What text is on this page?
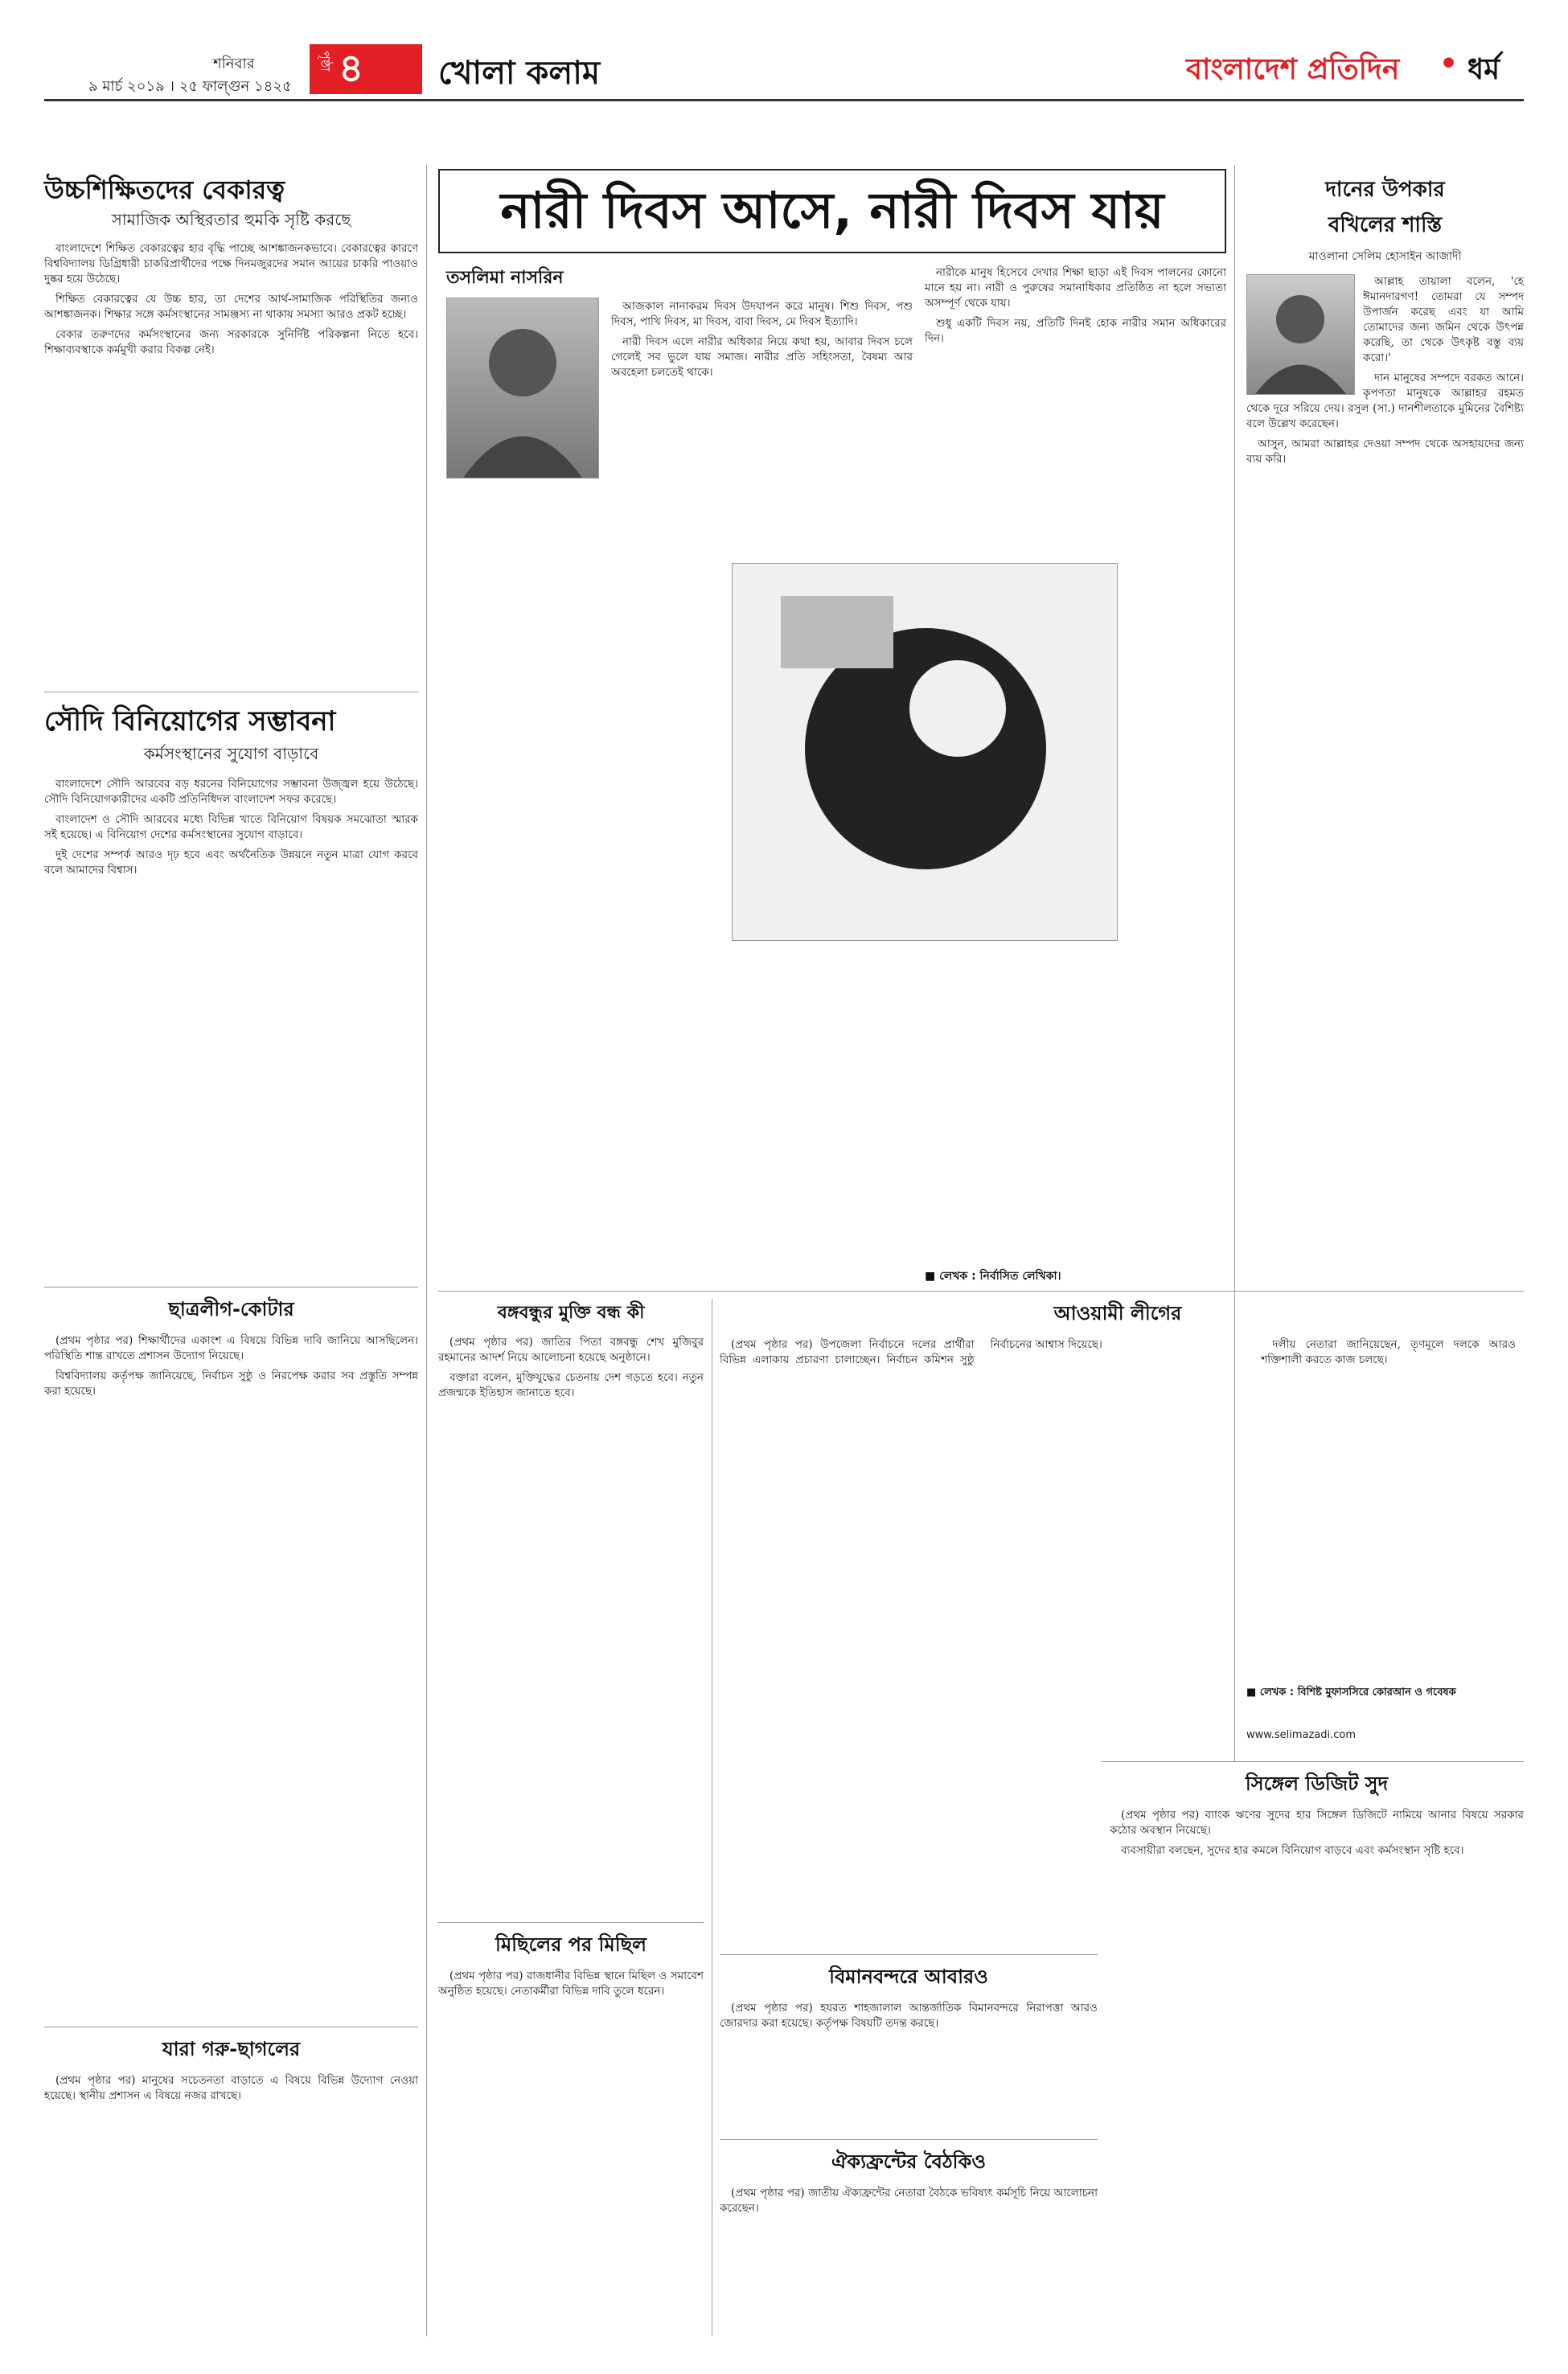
শনিবার
৯ মার্চ ২০১৯ । ২৫ ফাল্গুন ১৪২৫
পৃষ্ঠা ৪ খোলা কলাম	বাংলাদেশ প্রতিদিন • ধর্ম
উচ্চশিক্ষিতদের বেকারত্ব
সামাজিক অস্থিরতার হুমকি সৃষ্টি করছে

বাংলাদেশে শিক্ষিত বেকারত্বের হার বৃদ্ধি পাচ্ছে আশঙ্কাজনকভাবে। বেকারত্বের কারণে বিশ্ববিদ্যালয় ডিগ্রিধারী চাকরিপ্রার্থীদের পক্ষে দিনমজুরদের সমান আয়ের চাকরি পাওয়াও দুষ্কর হয়ে উঠেছে।

শিক্ষিত বেকারত্বের যে উচ্চ হার, তা দেশের আর্থ-সামাজিক পরিস্থিতির জন্যও আশঙ্কাজনক। শিক্ষার সঙ্গে কর্মসংস্থানের সামঞ্জস্য না থাকায় সমস্যা আরও প্রকট হচ্ছে।

বেকার তরুণদের কর্মসংস্থানের জন্য সরকারকে সুনির্দিষ্ট পরিকল্পনা নিতে হবে। শিক্ষাব্যবস্থাকে কর্মমুখী করার বিকল্প নেই।

সৌদি বিনিয়োগের সম্ভাবনা
কর্মসংস্থানের সুযোগ বাড়াবে

বাংলাদেশে সৌদি আরবের বড় ধরনের বিনিয়োগের সম্ভাবনা উজ্জ্বল হয়ে উঠেছে। সৌদি বিনিয়োগকারীদের একটি প্রতিনিধিদল বাংলাদেশ সফর করেছে।

বাংলাদেশ ও সৌদি আরবের মধ্যে বিভিন্ন খাতে বিনিয়োগ বিষয়ক সমঝোতা স্মারক সই হয়েছে। এ বিনিয়োগ দেশের কর্মসংস্থানের সুযোগ বাড়াবে।

দুই দেশের সম্পর্ক আরও দৃঢ় হবে এবং অর্থনৈতিক উন্নয়নে নতুন মাত্রা যোগ করবে বলে আমাদের বিশ্বাস।

ছাত্রলীগ-কোটার

(প্রথম পৃষ্ঠার পর) শিক্ষার্থীদের একাংশ এ বিষয়ে বিভিন্ন দাবি জানিয়ে আসছিলেন। পরিস্থিতি শান্ত রাখতে প্রশাসন উদ্যোগ নিয়েছে।

বিশ্ববিদ্যালয় কর্তৃপক্ষ জানিয়েছে, নির্বাচন সুষ্ঠু ও নিরপেক্ষ করার সব প্রস্তুতি সম্পন্ন করা হয়েছে।

যারা গরু-ছাগলের

(প্রথম পৃষ্ঠার পর) মানুষের সচেতনতা বাড়াতে এ বিষয়ে বিভিন্ন উদ্যোগ নেওয়া হয়েছে। স্থানীয় প্রশাসন এ বিষয়ে নজর রাখছে।

নারী দিবস আসে, নারী দিবস যায়
তসলিমা নাসরিন

আজকাল নানাকরম দিবস উদযাপন করে মানুষ। শিশু দিবস, পশু দিবস, পাখি দিবস, মা দিবস, বাবা দিবস, মে দিবস ইত্যাদি।

নারী দিবস এলে নারীর অধিকার নিয়ে কথা হয়, আবার দিবস চলে গেলেই সব ভুলে যায় সমাজ। নারীর প্রতি সহিংসতা, বৈষম্য আর অবহেলা চলতেই থাকে।

নারীকে মানুষ হিসেবে দেখার শিক্ষা ছাড়া এই দিবস পালনের কোনো মানে হয় না। নারী ও পুরুষের সমানাধিকার প্রতিষ্ঠিত না হলে সভ্যতা অসম্পূর্ণ থেকে যায়।

শুধু একটি দিবস নয়, প্রতিটি দিনই হোক নারীর সমান অধিকারের দিন।

■ লেখক : নির্বাসিত লেখিকা।
বঙ্গবন্ধুর মুক্তি বন্ধ কী

(প্রথম পৃষ্ঠার পর) জাতির পিতা বঙ্গবন্ধু শেখ মুজিবুর রহমানের আদর্শ নিয়ে আলোচনা হয়েছে অনুষ্ঠানে।

বক্তারা বলেন, মুক্তিযুদ্ধের চেতনায় দেশ গড়তে হবে। নতুন প্রজন্মকে ইতিহাস জানাতে হবে।

মিছিলের পর মিছিল

(প্রথম পৃষ্ঠার পর) রাজধানীর বিভিন্ন স্থানে মিছিল ও সমাবেশ অনুষ্ঠিত হয়েছে। নেতাকর্মীরা বিভিন্ন দাবি তুলে ধরেন।

আওয়ামী লীগের

(প্রথম পৃষ্ঠার পর) উপজেলা নির্বাচনে দলের প্রার্থীরা বিভিন্ন এলাকায় প্রচারণা চালাচ্ছেন। নির্বাচন কমিশন সুষ্ঠু নির্বাচনের আশ্বাস দিয়েছে।	দলীয় নেতারা জানিয়েছেন, তৃণমূলে দলকে আরও শক্তিশালী করতে কাজ চলছে।

বিমানবন্দরে আবারও

(প্রথম পৃষ্ঠার পর) হযরত শাহজালাল আন্তর্জাতিক বিমানবন্দরে নিরাপত্তা আরও জোরদার করা হয়েছে। কর্তৃপক্ষ বিষয়টি তদন্ত করছে।

ঐক্যফ্রন্টের বৈঠকিও

(প্রথম পৃষ্ঠার পর) জাতীয় ঐক্যফ্রন্টের নেতারা বৈঠকে ভবিষ্যৎ কর্মসূচি নিয়ে আলোচনা করেছেন।

দানের উপকার
বখিলের শাস্তি
মাওলানা সেলিম হোসাইন আজাদী

আল্লাহ তায়ালা বলেন, 'হে ঈমানদারগণ! তোমরা যে সম্পদ উপার্জন করেছ এবং যা আমি তোমাদের জন্য জমিন থেকে উৎপন্ন করেছি, তা থেকে উৎকৃষ্ট বস্তু ব্যয় করো।'

দান মানুষের সম্পদে বরকত আনে। কৃপণতা মানুষকে আল্লাহর রহমত থেকে দূরে সরিয়ে দেয়। রসুল (সা.) দানশীলতাকে মুমিনের বৈশিষ্ট্য বলে উল্লেখ করেছেন।

আসুন, আমরা আল্লাহর দেওয়া সম্পদ থেকে অসহায়দের জন্য ব্যয় করি।

■ লেখক : বিশিষ্ট মুফাসসিরে কোরআন ও গবেষক
www.selimazadi.com
সিঙ্গেল ডিজিট সুদ

(প্রথম পৃষ্ঠার পর) ব্যাংক ঋণের সুদের হার সিঙ্গেল ডিজিটে নামিয়ে আনার বিষয়ে সরকার কঠোর অবস্থান নিয়েছে।

ব্যবসায়ীরা বলছেন, সুদের হার কমলে বিনিয়োগ বাড়বে এবং কর্মসংস্থান সৃষ্টি হবে।
